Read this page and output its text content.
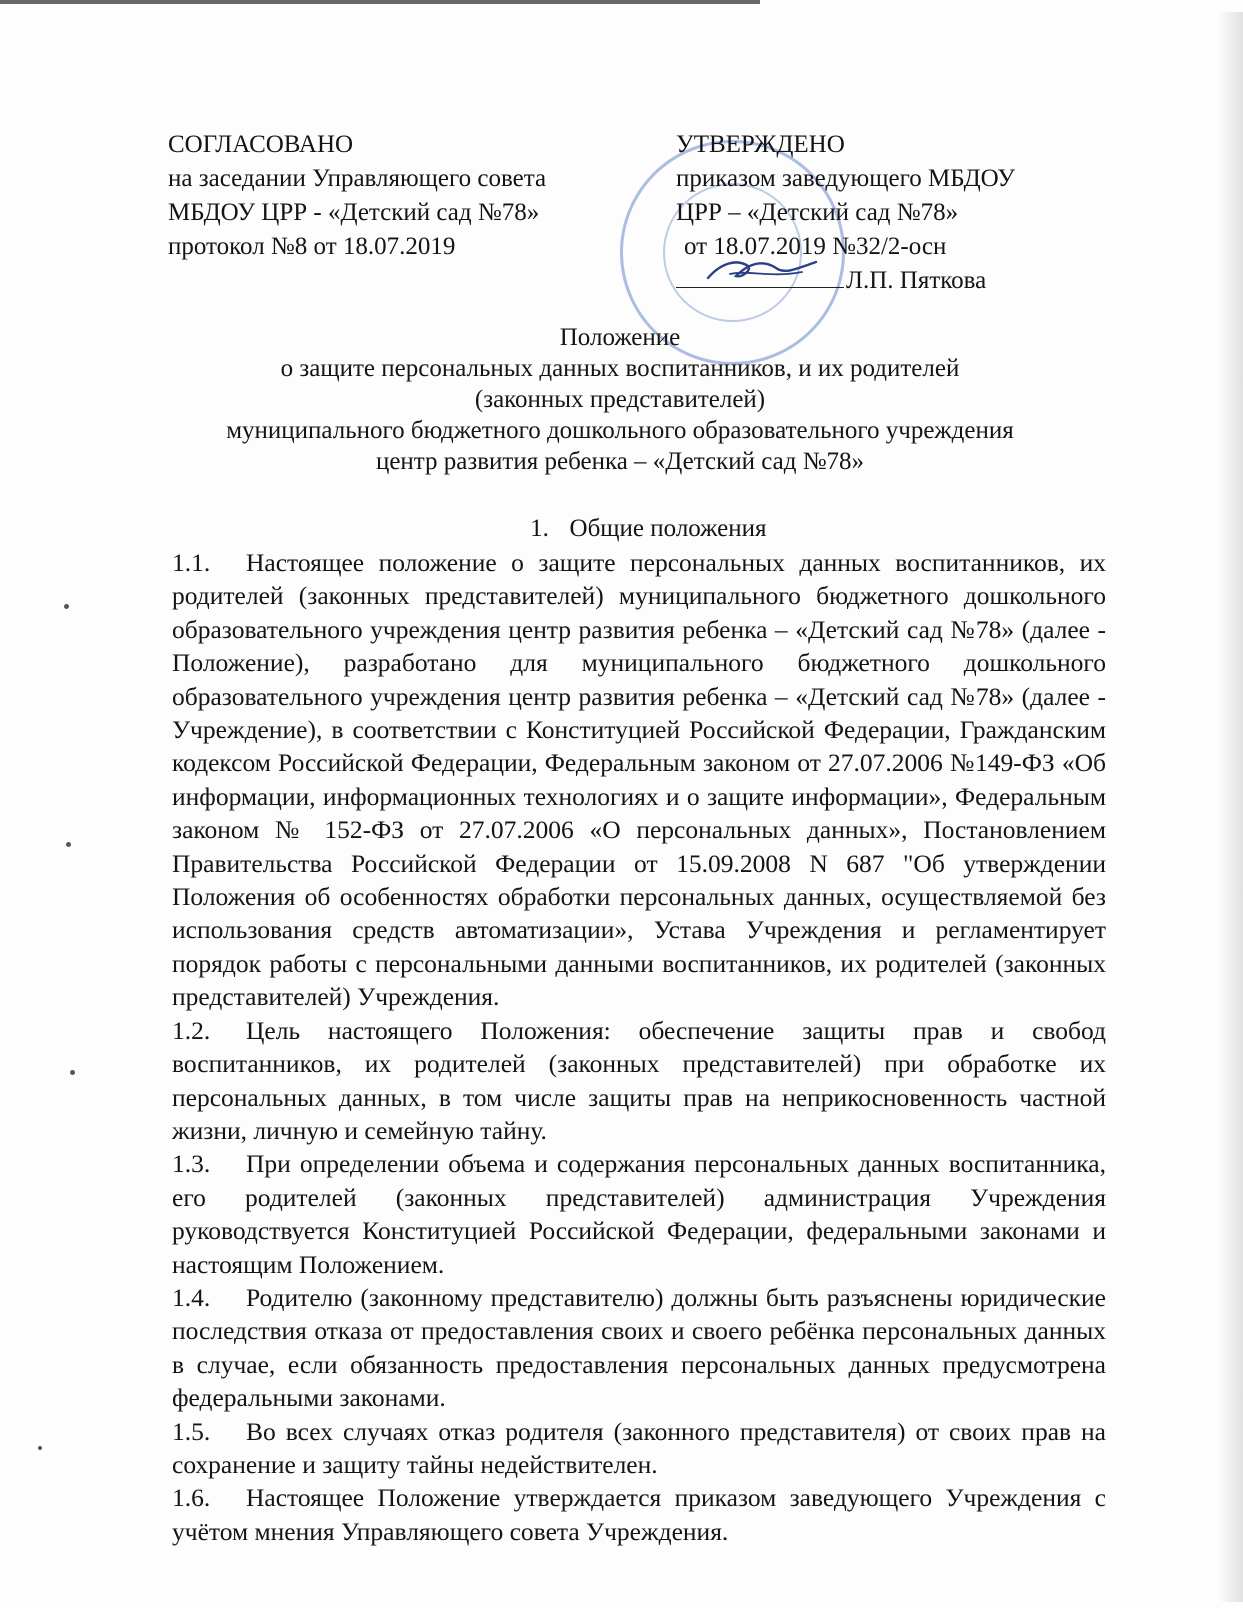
СОГЛАСОВАНО
на заседании Управляющего совета
МБДОУ ЦРР - «Детский сад №78»
протокол №8 от 18.07.2019
УТВЕРЖДЕНО
приказом заведующего МБДОУ
ЦРР – «Детский сад №78»
от 18.07.2019 №32/2-осн
Л.П. Пяткова
Положение
о защите персональных данных воспитанников, и их родителей
(законных представителей)
муниципального бюджетного дошкольного образовательного учреждения
центр развития ребенка – «Детский сад №78»
1. Общие положения

1.1. Настоящее положение о защите персональных данных воспитанников, их родителей (законных представителей) муниципального бюджетного дошкольного образовательного учреждения центр развития ребенка – «Детский сад №78» (далее - Положение), разработано для муниципального бюджетного дошкольного образовательного учреждения центр развития ребенка – «Детский сад №78» (далее - Учреждение), в соответствии с Конституцией Российской Федерации, Гражданским кодексом Российской Федерации, Федеральным законом от 27.07.2006 №149-ФЗ «Об информации, информационных технологиях и о защите информации», Федеральным законом № 152-ФЗ от 27.07.2006 «О персональных данных», Постановлением Правительства Российской Федерации от 15.09.2008 N 687 "Об утверждении Положения об особенностях обработки персональных данных, осуществляемой без использования средств автоматизации», Устава Учреждения и регламентирует порядок работы с персональными данными воспитанников, их родителей (законных представителей) Учреждения.

1.2. Цель настоящего Положения: обеспечение защиты прав и свобод воспитанников, их родителей (законных представителей) при обработке их персональных данных, в том числе защиты прав на неприкосновенность частной жизни, личную и семейную тайну.

1.3. При определении объема и содержания персональных данных воспитанника, его родителей (законных представителей) администрация Учреждения руководствуется Конституцией Российской Федерации, федеральными законами и настоящим Положением.

1.4. Родителю (законному представителю) должны быть разъяснены юридические последствия отказа от предоставления своих и своего ребёнка персональных данных в случае, если обязанность предоставления персональных данных предусмотрена федеральными законами.

1.5. Во всех случаях отказ родителя (законного представителя) от своих прав на сохранение и защиту тайны недействителен.

1.6. Настоящее Положение утверждается приказом заведующего Учреждения с учётом мнения Управляющего совета Учреждения.
